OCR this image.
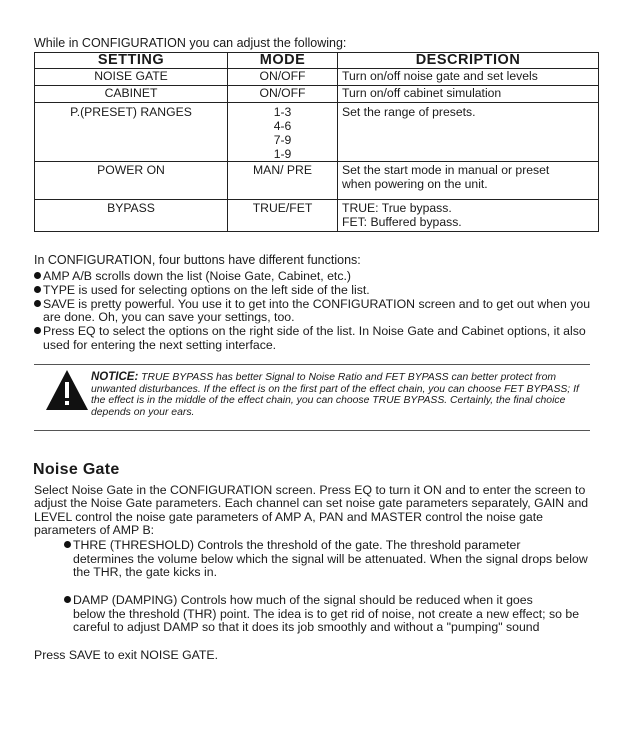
While in CONFIGURATION you can adjust the following:
SETTING	MODE	DESCRIPTION
NOISE GATE	ON/OFF	Turn on/off noise gate and set levels
CABINET	ON/OFF	Turn on/off cabinet simulation
P.(PRESET) RANGES	1-3
4-6
7-9
1-9	Set the range of presets.
POWER ON	MAN/ PRE	Set the start mode in manual or preset
when powering on the unit.

BYPASS	TRUE/FET	TRUE: True bypass.
FET: Buffered bypass.
In CONFIGURATION, four buttons have different functions:
AMP A/B scrolls down the list (Noise Gate, Cabinet, etc.)
TYPE is used for selecting options on the left side of the list.
SAVE is pretty powerful. You use it to get into the CONFIGURATION screen and to get out when you are done. Oh, you can save your settings, too.
Press EQ to select the options on the right side of the list. In Noise Gate and Cabinet options, it also used for entering the next setting interface.
NOTICE: TRUE BYPASS has better Signal to Noise Ratio and FET BYPASS can better protect from unwanted disturbances. If the effect is on the first part of the effect chain, you can choose FET BYPASS; If the effect is in the middle of the effect chain, you can choose TRUE BYPASS. Certainly, the final choice depends on your ears.
Noise Gate
Select Noise Gate in the CONFIGURATION screen. Press EQ to turn it ON and to enter the screen to adjust the Noise Gate parameters. Each channel can set noise gate parameters separately, GAIN and LEVEL control the noise gate parameters of AMP A, PAN and MASTER control the noise gate parameters of AMP B:
THRE (THRESHOLD) Controls the threshold of the gate. The threshold parameter
determines the volume below which the signal will be attenuated. When the signal drops below the THR, the gate kicks in.
DAMP (DAMPING) Controls how much of the signal should be reduced when it goes
below the threshold (THR) point. The idea is to get rid of noise, not create a new effect; so be careful to adjust DAMP so that it does its job smoothly and without a "pumping" sound
Press SAVE to exit NOISE GATE.
